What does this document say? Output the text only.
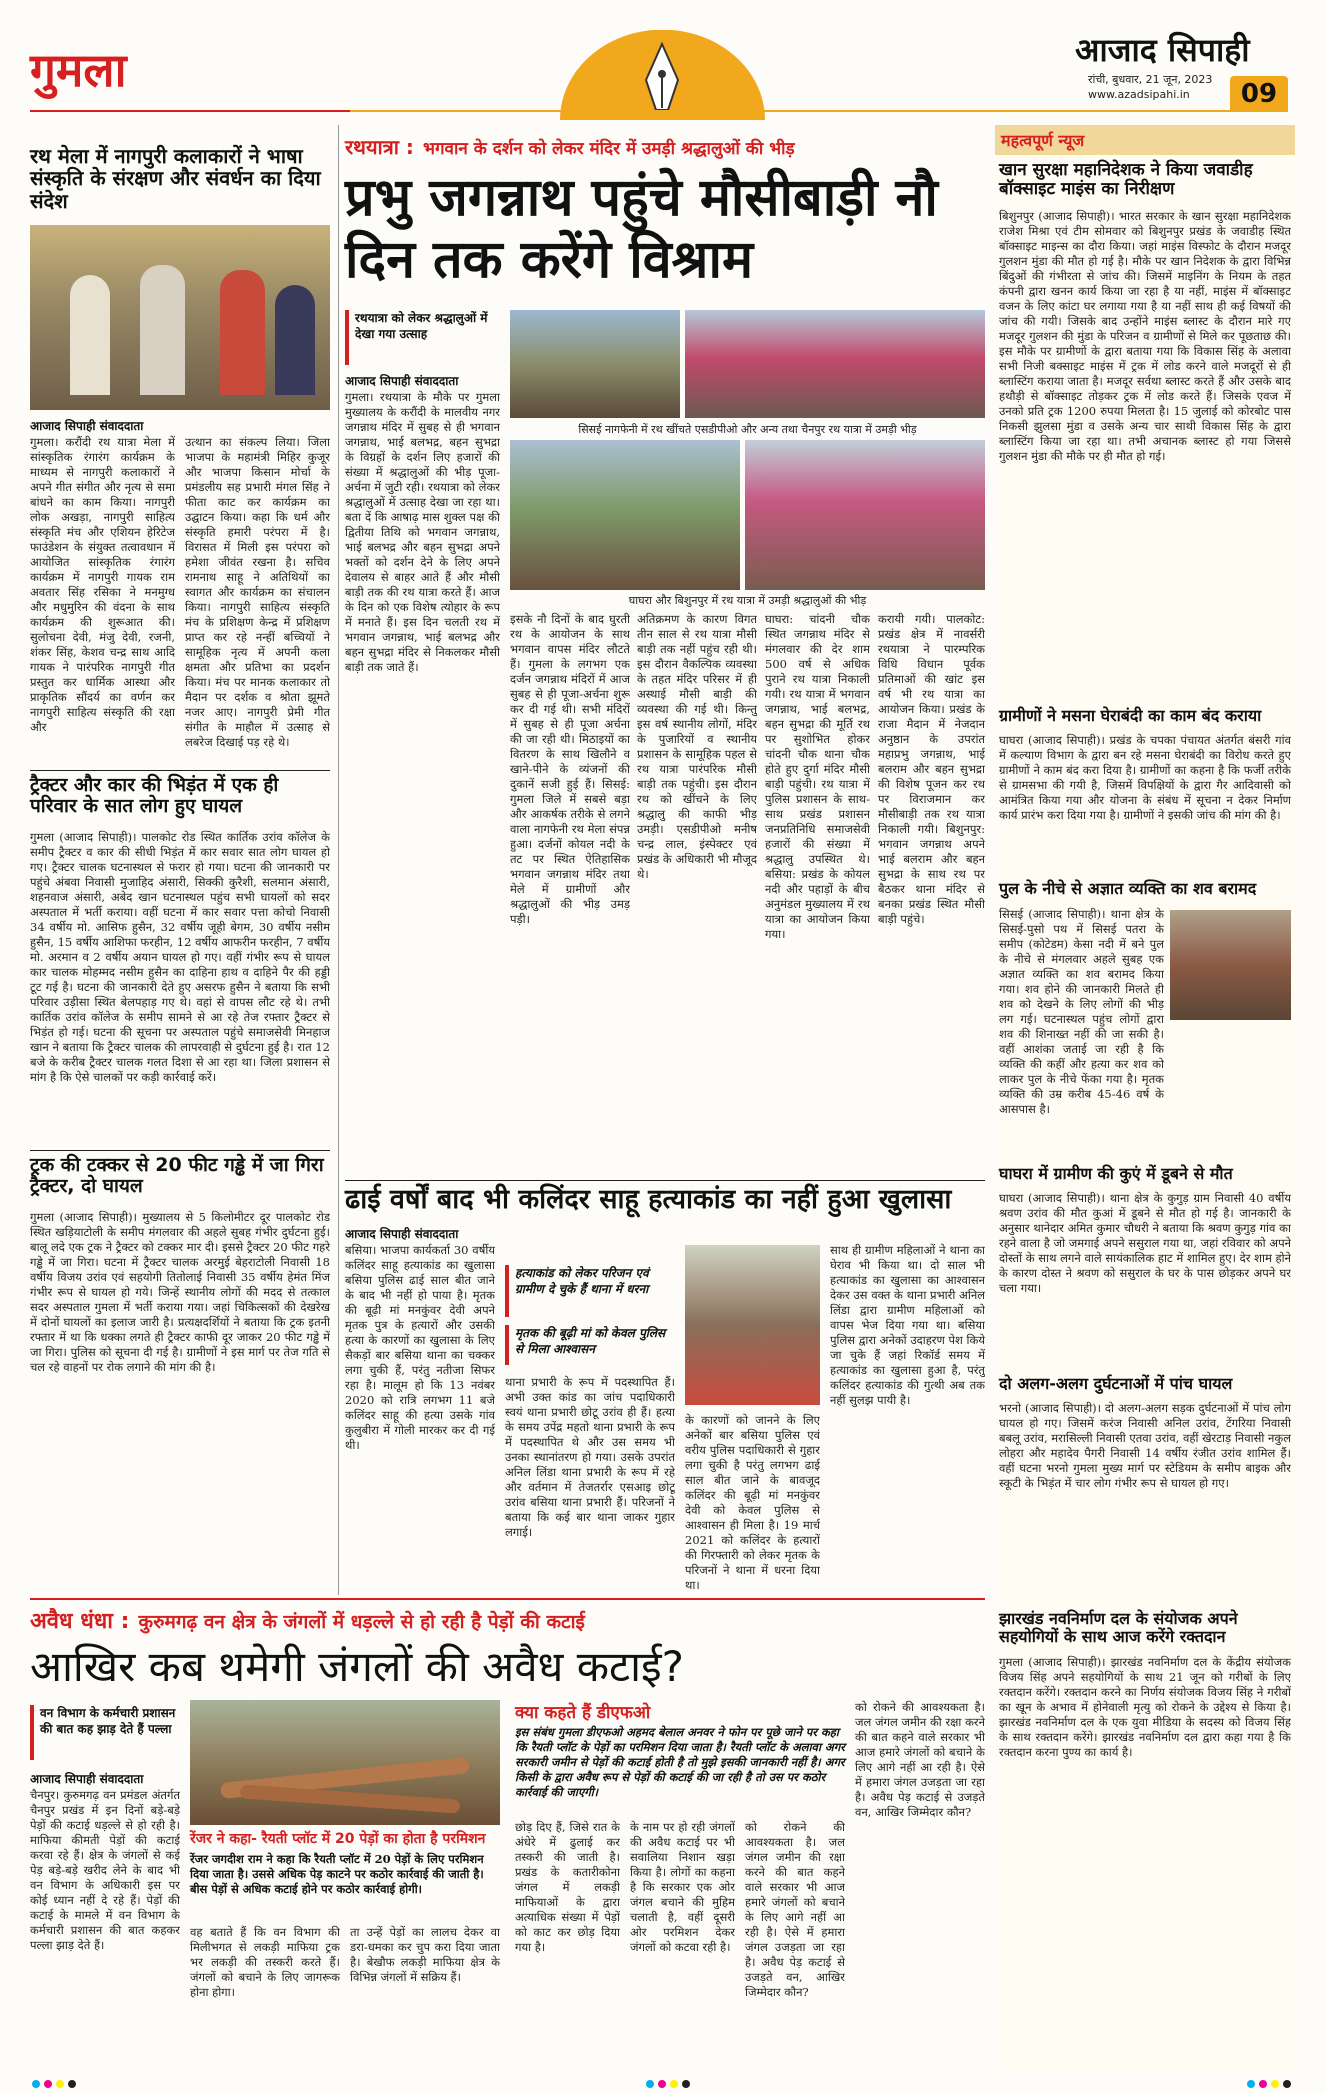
गुमला	आजाद सिपाही
रांची, बुधवार, 21 जून, 2023
www.azadsipahi.in	09
रथ मेला में नागपुरी कलाकारों ने भाषा संस्कृति के संरक्षण और संवर्धन का दिया संदेश
आजाद सिपाही संवाददाता
गुमला। करौंदी रथ यात्रा मेला में सांस्कृतिक रंगारंग कार्यक्रम के माध्यम से नागपुरी कलाकारों ने अपने गीत संगीत और नृत्य से समा बांधने का काम किया। नागपुरी लोक अखड़ा, नागपुरी साहित्य संस्कृति मंच और एशियन हेरिटेज फाउंडेशन के संयुक्त तत्वावधान में आयोजित सांस्कृतिक रंगारंग कार्यक्रम में नागपुरी गायक राम अवतार सिंह रसिका ने मनमुग्ध और मधुमुरिन की वंदना के साथ कार्यक्रम की शुरूआत की। सुलोचना देवी, मंजु देवी, रजनी, शंकर सिंह, केशव चन्द्र साथ आदि गायक ने पारंपरिक नागपुरी गीत प्रस्तुत कर धार्मिक आस्था और प्राकृतिक सौंदर्य का वर्णन कर नागपुरी साहित्य संस्कृति की रक्षा और
उत्थान का संकल्प लिया। जिला भाजपा के महामंत्री मिहिर कुजूर और भाजपा किसान मोर्चा के प्रमंडलीय सह प्रभारी मंगल सिंह ने फीता काट कर कार्यक्रम का उद्घाटन किया। कहा कि धर्म और संस्कृति हमारी परंपरा में है। विरासत में मिली इस परंपरा को हमेशा जीवंत रखना है। सचिव रामनाथ साहू ने अतिथियों का स्वागत और कार्यक्रम का संचालन किया। नागपुरी साहित्य संस्कृति मंच के प्रशिक्षण केन्द्र में प्रशिक्षण प्राप्त कर रहे नन्हीं बच्चियों ने सामूहिक नृत्य में अपनी कला क्षमता और प्रतिभा का प्रदर्शन किया। मंच पर मानक कलाकार तो मैदान पर दर्शक व श्रोता झूमते नजर आए। नागपुरी प्रेमी गीत संगीत के माहौल में उत्साह से लबरेज दिखाई पड़ रहे थे।
ट्रैक्टर और कार की भिड़ंत में एक ही परिवार के सात लोग हुए घायल
गुमला (आजाद सिपाही)। पालकोट रोड स्थित कार्तिक उरांव कॉलेज के समीप ट्रैक्टर व कार की सीधी भिड़ंत में कार सवार सात लोग घायल हो गए। ट्रैक्टर चालक घटनास्थल से फरार हो गया। घटना की जानकारी पर पहुंचे अंबवा निवासी मुजाहिद अंसारी, सिक्की कुरैशी, सलमान अंसारी, शहनवाज अंसारी, अबेद खान घटनास्थल पहुंच सभी घायलों को सदर अस्पताल में भर्ती कराया। वहीं घटना में कार सवार पत्ता कोचो निवासी 34 वर्षीय मो. आसिफ हुसैन, 32 वर्षीय जूही बेगम, 30 वर्षीय नसीम हुसैन, 15 वर्षीय आशिफा फरहीन, 12 वर्षीय आफरीन फरहीन, 7 वर्षीय मो. अरमान व 2 वर्षीय अयान घायल हो गए। वहीं गंभीर रूप से घायल कार चालक मोहम्मद नसीम हुसैन का दाहिना हाथ व दाहिने पैर की हड्डी टूट गई है। घटना की जानकारी देते हुए असरफ हुसैन ने बताया कि सभी परिवार उड़ीसा स्थित बेलपहाड़ गए थे। वहां से वापस लौट रहे थे। तभी कार्तिक उरांव कॉलेज के समीप सामने से आ रहे तेज रफ्तार ट्रैक्टर से भिड़ंत हो गई। घटना की सूचना पर अस्पताल पहुंचे समाजसेवी मिनहाज खान ने बताया कि ट्रैक्टर चालक की लापरवाही से दुर्घटना हुई है। रात 12 बजे के करीब ट्रैक्टर चालक गलत दिशा से आ रहा था। जिला प्रशासन से मांग है कि ऐसे चालकों पर कड़ी कार्रवाई करें।
ट्रक की टक्कर से 20 फीट गड्ढे में जा गिरा ट्रैक्टर, दो घायल
गुमला (आजाद सिपाही)। मुख्यालय से 5 किलोमीटर दूर पालकोट रोड स्थित खड़ियाटोली के समीप मंगलवार की अहले सुबह गंभीर दुर्घटना हुई। बालू लदे एक ट्रक ने ट्रैक्टर को टक्कर मार दी। इससे ट्रैक्टर 20 फीट गहरे गड्ढे में जा गिरा। घटना में ट्रैक्टर चालक अरमुई बेहराटोली निवासी 18 वर्षीय विजय उरांव एवं सहयोगी तितोलाई निवासी 35 वर्षीय हेमंत मिंज गंभीर रूप से घायल हो गये। जिन्हें स्थानीय लोगों की मदद से तत्काल सदर अस्पताल गुमला में भर्ती कराया गया। जहां चिकित्सकों की देखरेख में दोनों घायलों का इलाज जारी है। प्रत्यक्षदर्शियों ने बताया कि ट्रक इतनी रफ्तार में था कि धक्का लगते ही ट्रैक्टर काफी दूर जाकर 20 फीट गड्ढे में जा गिरा। पुलिस को सूचना दी गई है। ग्रामीणों ने इस मार्ग पर तेज गति से चल रहे वाहनों पर रोक लगाने की मांग की है।
रथयात्रा : भगवान के दर्शन को लेकर मंदिर में उमड़ी श्रद्धालुओं की भीड़
प्रभु जगन्नाथ पहुंचे मौसीबाड़ी नौ दिन तक करेंगे विश्राम
रथयात्रा को लेकर श्रद्धालुओं में देखा गया उत्साह
आजाद सिपाही संवाददाता
सिसई नागफेनी में रथ खींचते एसडीपीओ और अन्य तथा चैनपुर रथ यात्रा में उमड़ी भीड़
घाघरा और बिशुनपुर में रथ यात्रा में उमड़ी श्रद्धालुओं की भीड़
गुमला। रथयात्रा के मौके पर गुमला मुख्यालय के करौंदी के मालवीय नगर जगन्नाथ मंदिर में सुबह से ही भगवान जगन्नाथ, भाई बलभद्र, बहन सुभद्रा के विग्रहों के दर्शन लिए हजारों की संख्या में श्रद्धालुओं की भीड़ पूजा-अर्चना में जुटी रही। रथयात्रा को लेकर श्रद्धालुओं में उत्साह देखा जा रहा था। बता दें कि आषाढ़ मास शुक्ल पक्ष की द्वितीया तिथि को भगवान जगन्नाथ, भाई बलभद्र और बहन सुभद्रा अपने भक्तों को दर्शन देने के लिए अपने देवालय से बाहर आते हैं और मौसी बाड़ी तक की रथ यात्रा करते हैं। आज के दिन को एक विशेष त्योहार के रूप में मनाते हैं। इस दिन चलती रथ में भगवान जगन्नाथ, भाई बलभद्र और बहन सुभद्रा मंदिर से निकलकर मौसी बाड़ी तक जाते हैं।
इसके नौ दिनों के बाद घुरती रथ के आयोजन के साथ भगवान वापस मंदिर लौटते हैं। गुमला के लगभग एक दर्जन जगन्नाथ मंदिरों में आज सुबह से ही पूजा-अर्चना शुरू कर दी गई थी। सभी मंदिरों में सुबह से ही पूजा अर्चना की जा रही थी। मिठाइयों का वितरण के साथ खिलौने व खाने-पीने के व्यंजनों की दुकानें सजी हुई हैं। सिसई: गुमला जिले में सबसे बड़ा और आकर्षक तरीके से लगने वाला नागफेनी रथ मेला संपन्न हुआ। दर्जनों कोयल नदी के तट पर स्थित ऐतिहासिक भगवान जगन्नाथ मंदिर तथा मेले में ग्रामीणों और श्रद्धालुओं की भीड़ उमड़ पड़ी।
अतिक्रमण के कारण विगत तीन साल से रथ यात्रा मौसी बाड़ी तक नहीं पहुंच रही थी। इस दौरान वैकल्पिक व्यवस्था के तहत मंदिर परिसर में ही अस्थाई मौसी बाड़ी की व्यवस्था की गई थी। किन्तु इस वर्ष स्थानीय लोगों, मंदिर के पुजारियों व स्थानीय प्रशासन के सामूहिक पहल से रथ यात्रा पारंपरिक मौसी बाड़ी तक पहुंची। इस दौरान रथ को खींचने के लिए श्रद्धालु की काफी भीड़ उमड़ी। एसडीपीओ मनीष चन्द्र लाल, इंस्पेक्टर एवं प्रखंड के अधिकारी भी मौजूद थे।
घाघरा: चांदनी चौक स्थित जगन्नाथ मंदिर से मंगलवार की देर शाम 500 वर्ष से अधिक पुराने रथ यात्रा निकाली गयी। रथ यात्रा में भगवान जगन्नाथ, भाई बलभद्र, बहन सुभद्रा की मूर्ति रथ पर सुशोभित होकर चांदनी चौक थाना चौक होते हुए दुर्गा मंदिर मौसी बाड़ी पहुंची। रथ यात्रा में पुलिस प्रशासन के साथ-साथ प्रखंड प्रशासन जनप्रतिनिधि समाजसेवी हजारों की संख्या में श्रद्धालु उपस्थित थे। बसिया: प्रखंड के कोयल नदी और पहाड़ों के बीच अनुमंडल मुख्यालय में रथ यात्रा का आयोजन किया गया।
करायी गयी। पालकोट: प्रखंड क्षेत्र में नावर्सरी रथयात्रा ने पारम्परिक विधि विधान पूर्वक प्रतिमाओं की खांट इस वर्ष भी रथ यात्रा का आयोजन किया। प्रखंड के राजा मैदान में नेजदान अनुष्ठान के उपरांत महाप्रभु जगन्नाथ, भाई बलराम और बहन सुभद्रा की विशेष पूजन कर रथ पर विराजमान कर मौसीबाड़ी तक रथ यात्रा निकाली गयी। बिशुनपुर: भगवान जगन्नाथ अपने भाई बलराम और बहन सुभद्रा के साथ रथ पर बैठकर थाना मंदिर से बनका प्रखंड स्थित मौसी बाड़ी पहुंचे।
ढाई वर्षों बाद भी कलिंदर साहू हत्याकांड का नहीं हुआ खुलासा
आजाद सिपाही संवाददाता
बसिया। भाजपा कार्यकर्ता 30 वर्षीय कलिंदर साहू हत्याकांड का खुलासा बसिया पुलिस ढाई साल बीत जाने के बाद भी नहीं हो पाया है। मृतक की बूढ़ी मां मनकुंवर देवी अपने मृतक पुत्र के हत्यारों और उसकी हत्या के कारणों का खुलासा के लिए सैकड़ों बार बसिया थाना का चक्कर लगा चुकी हैं, परंतु नतीजा सिफर रहा है। मालूम हो कि 13 नवंबर 2020 को रात्रि लगभग 11 बजे कलिंदर साहू की हत्या उसके गांव कुलुबीरा में गोली मारकर कर दी गई थी।
हत्याकांड को लेकर परिजन एवं ग्रामीण दे चुके हैं थाना में धरना
मृतक की बूढ़ी मां को केवल पुलिस से मिला आश्वासन
थाना प्रभारी के रूप में पदस्थापित हैं। अभी उक्त कांड का जांच पदाधिकारी स्वयं थाना प्रभारी छोटू उरांव ही हैं। हत्या के समय उपेंद्र महतो थाना प्रभारी के रूप में पदस्थापित थे और उस समय भी उनका स्थानांतरण हो गया। उसके उपरांत अनिल लिंडा थाना प्रभारी के रूप में रहे और वर्तमान में तेजतर्रार एसआइ छोटू उरांव बसिया थाना प्रभारी हैं। परिजनों ने बताया कि कई बार थाना जाकर गुहार लगाई।
के कारणों को जानने के लिए अनेकों बार बसिया पुलिस एवं वरीय पुलिस पदाधिकारी से गुहार लगा चुकी है परंतु लगभग ढाई साल बीत जाने के बावजूद कलिंदर की बूढ़ी मां मनकुंवर देवी को केवल पुलिस से आश्वासन ही मिला है। 19 मार्च 2021 को कलिंदर के हत्यारों की गिरफ्तारी को लेकर मृतक के परिजनों ने थाना में धरना दिया था।
साथ ही ग्रामीण महिलाओं ने थाना का घेराव भी किया था। दो साल भी हत्याकांड का खुलासा का आश्वासन देकर उस वक्त के थाना प्रभारी अनिल लिंडा द्वारा ग्रामीण महिलाओं को वापस भेज दिया गया था। बसिया पुलिस द्वारा अनेकों उदाहरण पेश किये जा चुके हैं जहां रिकॉर्ड समय में हत्याकांड का खुलासा हुआ है, परंतु कलिंदर हत्याकांड की गुत्थी अब तक नहीं सुलझ पायी है।
अवैध धंधा : कुरुमगढ़ वन क्षेत्र के जंगलों में धड़ल्ले से हो रही है पेड़ों की कटाई
आखिर कब थमेगी जंगलों की अवैध कटाई?
वन विभाग के कर्मचारी प्रशासन की बात कह झाड़ देते हैं पल्ला
आजाद सिपाही संवाददाता
चैनपुर। कुरुमगढ़ वन प्रमंडल अंतर्गत चैनपुर प्रखंड में इन दिनों बड़े-बड़े पेड़ों की कटाई धड़ल्ले से हो रही है। माफिया कीमती पेड़ों की कटाई करवा रहे हैं। क्षेत्र के जंगलों से कई पेड़ बड़े-बड़े खरीद लेने के बाद भी वन विभाग के अधिकारी इस पर कोई ध्यान नहीं दे रहे हैं। पेड़ों की कटाई के मामले में वन विभाग के कर्मचारी प्रशासन की बात कहकर पल्ला झाड़ देते हैं।
रेंजर ने कहा- रैयती प्लॉट में 20 पेड़ों का होता है परमिशन
रेंजर जगदीश राम ने कहा कि रैयती प्लॉट में 20 पेड़ों के लिए परमिशन दिया जाता है। उससे अधिक पेड़ काटने पर कठोर कार्रवाई की जाती है। बीस पेड़ों से अधिक कटाई होने पर कठोर कार्रवाई होगी।
वह बताते हैं कि वन विभाग की मिलीभगत से लकड़ी माफिया ट्रक भर लकड़ी की तस्करी करते हैं। जंगलों को बचाने के लिए जागरूक होना होगा।
ता उन्हें पेड़ों का लालच देकर वा डरा-धमका कर चुप करा दिया जाता है। बेखौफ लकड़ी माफिया क्षेत्र के विभिन्न जंगलों में सक्रिय हैं।
क्या कहते हैं डीएफओ
इस संबंध गुमला डीएफओ अहमद बेलाल अनवर ने फोन पर पूछे जाने पर कहा कि रैयती प्लॉट के पेड़ों का परमिशन दिया जाता है। रैयती प्लॉट के अलावा अगर सरकारी जमीन से पेड़ों की कटाई होती है तो मुझे इसकी जानकारी नहीं है। अगर किसी के द्वारा अवैध रूप से पेड़ों की कटाई की जा रही है तो उस पर कठोर कार्रवाई की जाएगी।
छोड़ दिए हैं, जिसे रात के अंधेरे में ढुलाई कर तस्करी की जाती है। प्रखंड के कतारीकोना जंगल में लकड़ी माफियाओं के द्वारा अत्याधिक संख्या में पेड़ों को काट कर छोड़ दिया गया है।
के नाम पर हो रही जंगलों की अवैध कटाई पर भी सवालिया निशान खड़ा किया है। लोगों का कहना है कि सरकार एक ओर जंगल बचाने की मुहिम चलाती है, वहीं दूसरी ओर परमिशन देकर जंगलों को कटवा रही है।
को रोकने की आवश्यकता है। जल जंगल जमीन की रक्षा करने की बात कहने वाले सरकार भी आज हमारे जंगलों को बचाने के लिए आगे नहीं आ रही है। ऐसे में हमारा जंगल उजड़ता जा रहा है। अवैध पेड़ कटाई से उजड़ते वन, आखिर जिम्मेदार कौन?
को रोकने की आवश्यकता है। जल जंगल जमीन की रक्षा करने की बात कहने वाले सरकार भी आज हमारे जंगलों को बचाने के लिए आगे नहीं आ रही है। ऐसे में हमारा जंगल उजड़ता जा रहा है। अवैध पेड़ कटाई से उजड़ते वन, आखिर जिम्मेदार कौन?
महत्वपूर्ण न्यूज
खान सुरक्षा महानिदेशक ने किया जवाडीह बॉक्साइट माइंस का निरीक्षण
बिशुनपुर (आजाद सिपाही)। भारत सरकार के खान सुरक्षा महानिदेशक राजेश मिश्रा एवं टीम सोमवार को बिशुनपुर प्रखंड के जवाडीह स्थित बॉक्साइट माइन्स का दौरा किया। जहां माइंस विस्फोट के दौरान मजदूर गुलशन मुंडा की मौत हो गई है। मौके पर खान निदेशक के द्वारा विभिन्न बिंदुओं की गंभीरता से जांच की। जिसमें माइनिंग के नियम के तहत कंपनी द्वारा खनन कार्य किया जा रहा है या नहीं, माइंस में बॉक्साइट वजन के लिए कांटा घर लगाया गया है या नहीं साथ ही कई विषयों की जांच की गयी। जिसके बाद उन्होंने माइंस ब्लास्ट के दौरान मारे गए मजदूर गुलशन की मुंडा के परिजन व ग्रामीणों से मिले कर पूछताछ की। इस मौके पर ग्रामीणों के द्वारा बताया गया कि विकास सिंह के अलावा सभी निजी बक्साइट माइंस में ट्रक में लोड करने वाले मजदूरों से ही ब्लास्टिंग कराया जाता है। मजदूर सर्वथा ब्लास्ट करते हैं और उसके बाद हथौड़ी से बॉक्साइट तोड़कर ट्रक में लोड करते हैं। जिसके एवज में उनको प्रति ट्रक 1200 रुपया मिलता है। 15 जुलाई को कोरबोट पास निकसी झुलसा मुंडा व उसके अन्य चार साथी विकास सिंह के द्वारा ब्लास्टिंग किया जा रहा था। तभी अचानक ब्लास्ट हो गया जिससे गुलशन मुंडा की मौके पर ही मौत हो गई।
ग्रामीणों ने मसना घेराबंदी का काम बंद कराया
घाघरा (आजाद सिपाही)। प्रखंड के चपका पंचायत अंतर्गत बंसरी गांव में कल्याण विभाग के द्वारा बन रहे मसना घेराबंदी का विरोध करते हुए ग्रामीणों ने काम बंद करा दिया है। ग्रामीणों का कहना है कि फर्जी तरीके से ग्रामसभा की गयी है, जिसमें विपक्षियों के द्वारा गैर आदिवासी को आमंत्रित किया गया और योजना के संबंध में सूचना न देकर निर्माण कार्य प्रारंभ करा दिया गया है। ग्रामीणों ने इसकी जांच की मांग की है।
पुल के नीचे से अज्ञात व्यक्ति का शव बरामद
सिसई (आजाद सिपाही)। थाना क्षेत्र के सिसई-पुसो पथ में सिसई पतरा के समीप (कोटेडम) केसा नदी में बने पुल के नीचे से मंगलवार अहले सुबह एक अज्ञात व्यक्ति का शव बरामद किया गया। शव होने की जानकारी मिलते ही शव को देखने के लिए लोगों की भीड़ लग गई। घटनास्थल पहुंच लोगों द्वारा शव की शिनाख्त नहीं की जा सकी है। वहीं आशंका जताई जा रही है कि व्यक्ति की कहीं और हत्या कर शव को लाकर पुल के नीचे फेंका गया है। मृतक व्यक्ति की उम्र करीब 45-46 वर्ष के आसपास है।
घाघरा में ग्रामीण की कुएं में डूबने से मौत
घाघरा (आजाद सिपाही)। थाना क्षेत्र के कुगुड़ ग्राम निवासी 40 वर्षीय श्रवण उरांव की मौत कुआं में डूबने से मौत हो गई है। जानकारी के अनुसार थानेदार अमित कुमार चौधरी ने बताया कि श्रवण कुगुड़ गांव का रहने वाला है जो जमगाई अपने ससुराल गया था, जहां रविवार को अपने दोस्तों के साथ लगने वाले सायंकालिक हाट में शामिल हुए। देर शाम होने के कारण दोस्त ने श्रवण को ससुराल के घर के पास छोड़कर अपने घर चला गया।
दो अलग-अलग दुर्घटनाओं में पांच घायल
भरनो (आजाद सिपाही)। दो अलग-अलग सड़क दुर्घटनाओं में पांच लोग घायल हो गए। जिसमें करंज निवासी अनिल उरांव, टेंगरिया निवासी बबलू उरांव, मरासिल्ली निवासी एतवा उरांव, वहीं खेरटाड़ निवासी नकुल लोहरा और महादेव पैगरी निवासी 14 वर्षीय रंजीत उरांव शामिल हैं। वहीं घटना भरनो गुमला मुख्य मार्ग पर स्टेडियम के समीप बाइक और स्कूटी के भिड़ंत में चार लोग गंभीर रूप से घायल हो गए।
झारखंड नवनिर्माण दल के संयोजक अपने सहयोगियों के साथ आज करेंगे रक्तदान
गुमला (आजाद सिपाही)। झारखंड नवनिर्माण दल के केंद्रीय संयोजक विजय सिंह अपने सहयोगियों के साथ 21 जून को गरीबों के लिए रक्तदान करेंगे। रक्तदान करने का निर्णय संयोजक विजय सिंह ने गरीबों का खून के अभाव में होनेवाली मृत्यु को रोकने के उद्देश्य से किया है। झारखंड नवनिर्माण दल के एक युवा मीडिया के सदस्य को विजय सिंह के साथ रक्तदान करेंगे। झारखंड नवनिर्माण दल द्वारा कहा गया है कि रक्तदान करना पुण्य का कार्य है।
